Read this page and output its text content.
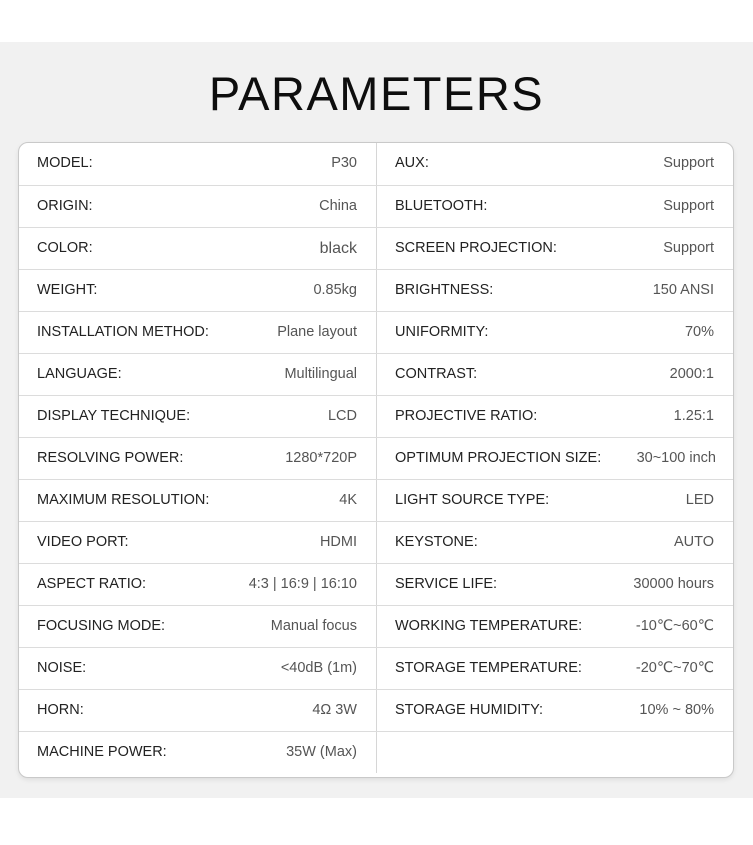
PARAMETERS
MODEL:	P30	AUX:	Support
ORIGIN:	China	BLUETOOTH:	Support
COLOR:	black	SCREEN PROJECTION:	Support
WEIGHT:	0.85kg	BRIGHTNESS:	150 ANSI
INSTALLATION METHOD:	Plane layout	UNIFORMITY:	70%
LANGUAGE:	Multilingual	CONTRAST:	2000:1
DISPLAY TECHNIQUE:	LCD	PROJECTIVE RATIO:	1.25:1
RESOLVING POWER:	1280*720P	OPTIMUM PROJECTION SIZE: 30~100 inch
MAXIMUM RESOLUTION:	4K	LIGHT SOURCE TYPE:	LED
VIDEO PORT:	HDMI	KEYSTONE:	AUTO
ASPECT RATIO:	4:3 | 16:9 | 16:10	SERVICE LIFE:	30000 hours
FOCUSING MODE:	Manual focus	WORKING TEMPERATURE:	-10℃~60℃
NOISE:	<40dB (1m)	STORAGE TEMPERATURE:	-20℃~70℃
HORN:	4Ω 3W	STORAGE HUMIDITY:	10% ~ 80%
MACHINE POWER:	35W (Max)
